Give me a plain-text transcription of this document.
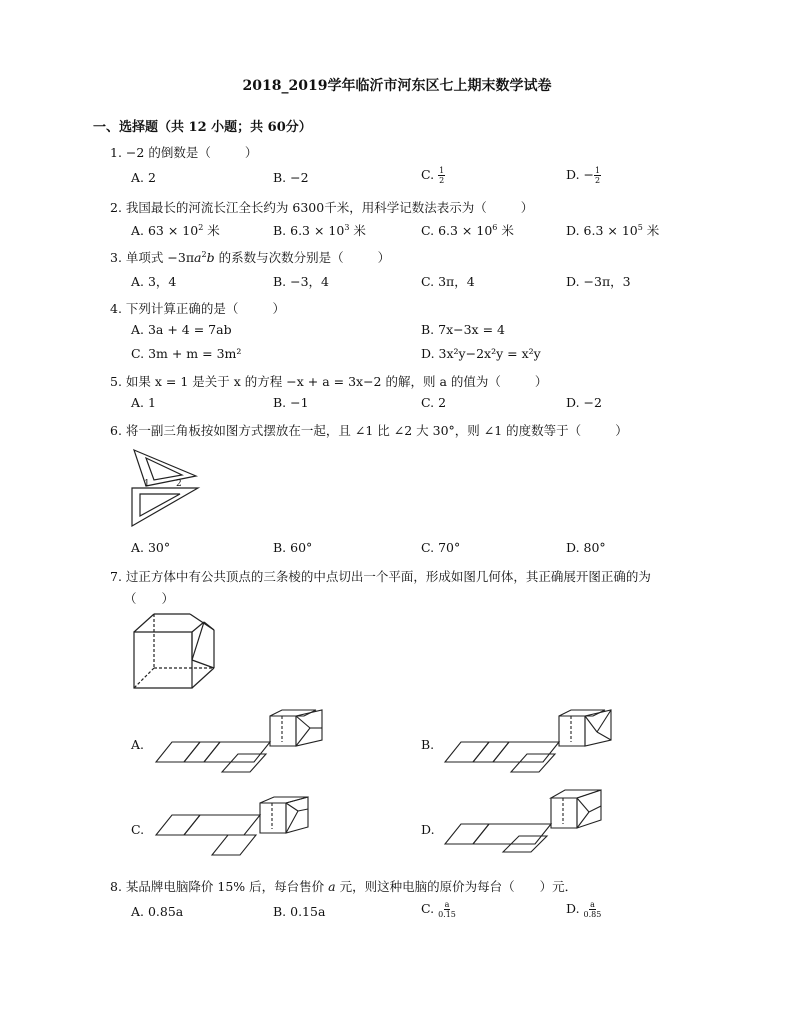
2018_2019学年临沂市河东区七上期末数学试卷
一、选择题（共 12 小题；共 60分）
1. −2 的倒数是（	）
A. 2	B. −2	C. $\frac{1}{2}$	D. − $\frac{1}{2}$
2. 我国最长的河流长江全长约为 6300千米，用科学记数法表示为（	）
A. $63 \times 10^2$ 米	B. $6.3 \times 10^3$ 米	C. $6.3 \times 10^6$ 米	D. $6.3 \times 10^5$ 米
3. 单项式 $-3\pi a^2b$ 的系数与次数分别是（	）
A. 3，4	B. −3，4	C. 3π，4	D. −3π，3
4. 下列计算正确的是（	）
A. 3a + 4 = 7ab	B. 7x−3x = 4
C. 3m + m = 3m²	D. 3x²y−2x²y = x²y
5. 如果 x = 1 是关于 x 的方程 −x + a = 3x−2 的解，则 a 的值为（	）
A. 1	B. −1	C. 2	D. −2
6. 将一副三角板按如图方式摆放在一起，且 ∠1 比 ∠2 大 30°，则 ∠1 的度数等于（	）
1	2
A. 30°	B. 60°	C. 70°	D. 80°
7. 过正方体中有公共顶点的三条棱的中点切出一个平面，形成如图几何体，其正确展开图正确的为
（　　）
A.	B.
C.	D.
8. 某品牌电脑降价 15% 后，每台售价 a 元，则这种电脑的原价为每台（　　）元．
A. 0.85a	B. 0.15a	C. $\frac{a}{0.15}$	D. $\frac{a}{0.85}$
